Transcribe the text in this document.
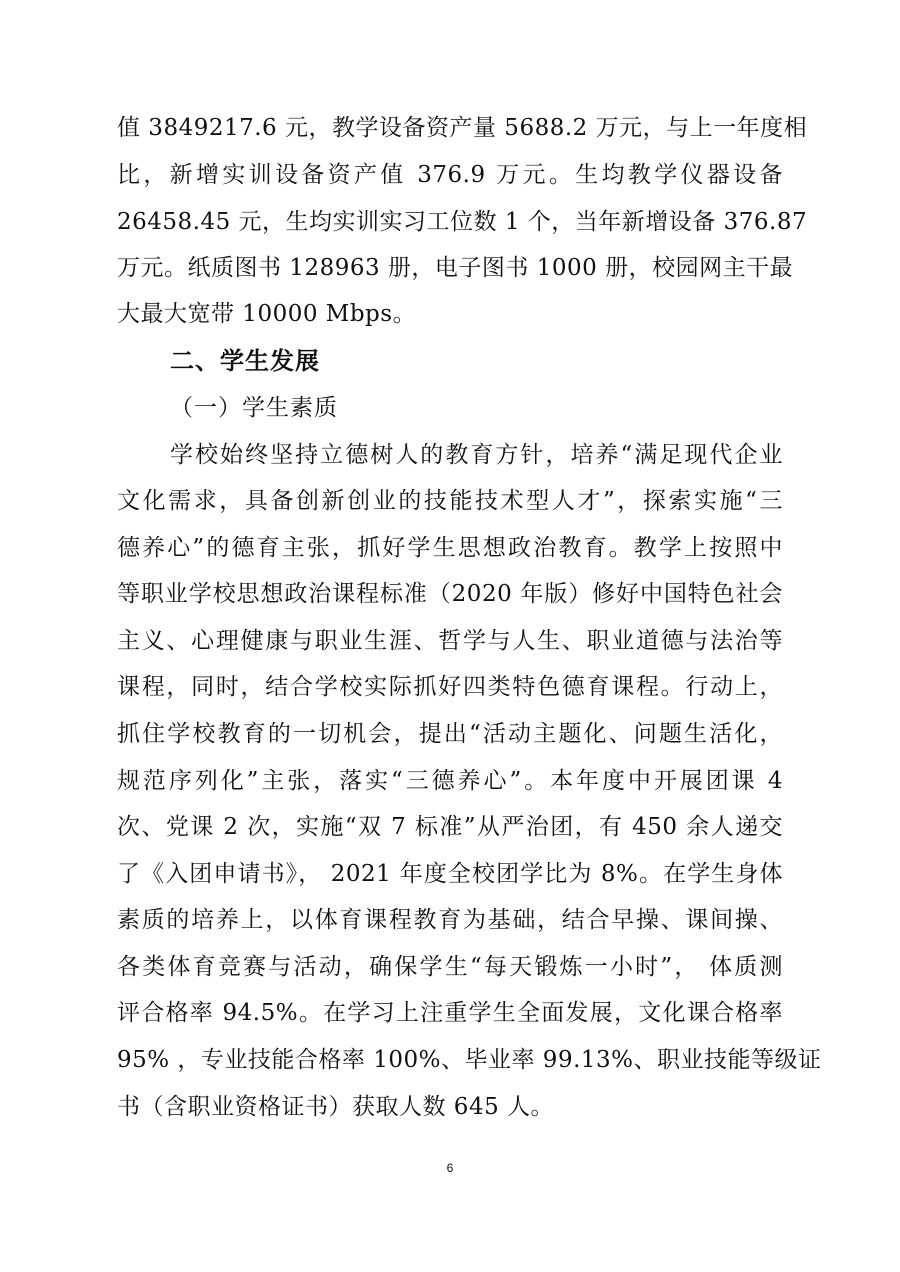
值 3849217.6 元，教学设备资产量 5688.2 万元，与上一年度相
比，新增实训设备资产值 376.9 万元。生均教学仪器设备
26458.45 元，生均实训实习工位数 1 个，当年新增设备 376.87
万元。纸质图书 128963 册，电子图书 1000 册，校园网主干最
大最大宽带 10000 Mbps。
二、学生发展
（一）学生素质
学校始终坚持立德树人的教育方针，培养“满足现代企业
文化需求，具备创新创业的技能技术型人才”，探索实施“三
德养心”的德育主张，抓好学生思想政治教育。教学上按照中
等职业学校思想政治课程标准（2020 年版）修好中国特色社会
主义、心理健康与职业生涯、哲学与人生、职业道德与法治等
课程，同时，结合学校实际抓好四类特色德育课程。行动上，
抓住学校教育的一切机会，提出“活动主题化、问题生活化，
规范序列化”主张，落实“三德养心”。本年度中开展团课 4
次、党课 2 次，实施“双 7 标准”从严治团，有 450 余人递交
了《入团申请书》， 2021 年度全校团学比为 8%。在学生身体
素质的培养上，以体育课程教育为基础，结合早操、课间操、
各类体育竞赛与活动，确保学生“每天锻炼一小时”， 体质测
评合格率 94.5%。在学习上注重学生全面发展，文化课合格率
95% ，专业技能合格率 100%、毕业率 99.13%、职业技能等级证
书（含职业资格证书）获取人数 645 人。
6
